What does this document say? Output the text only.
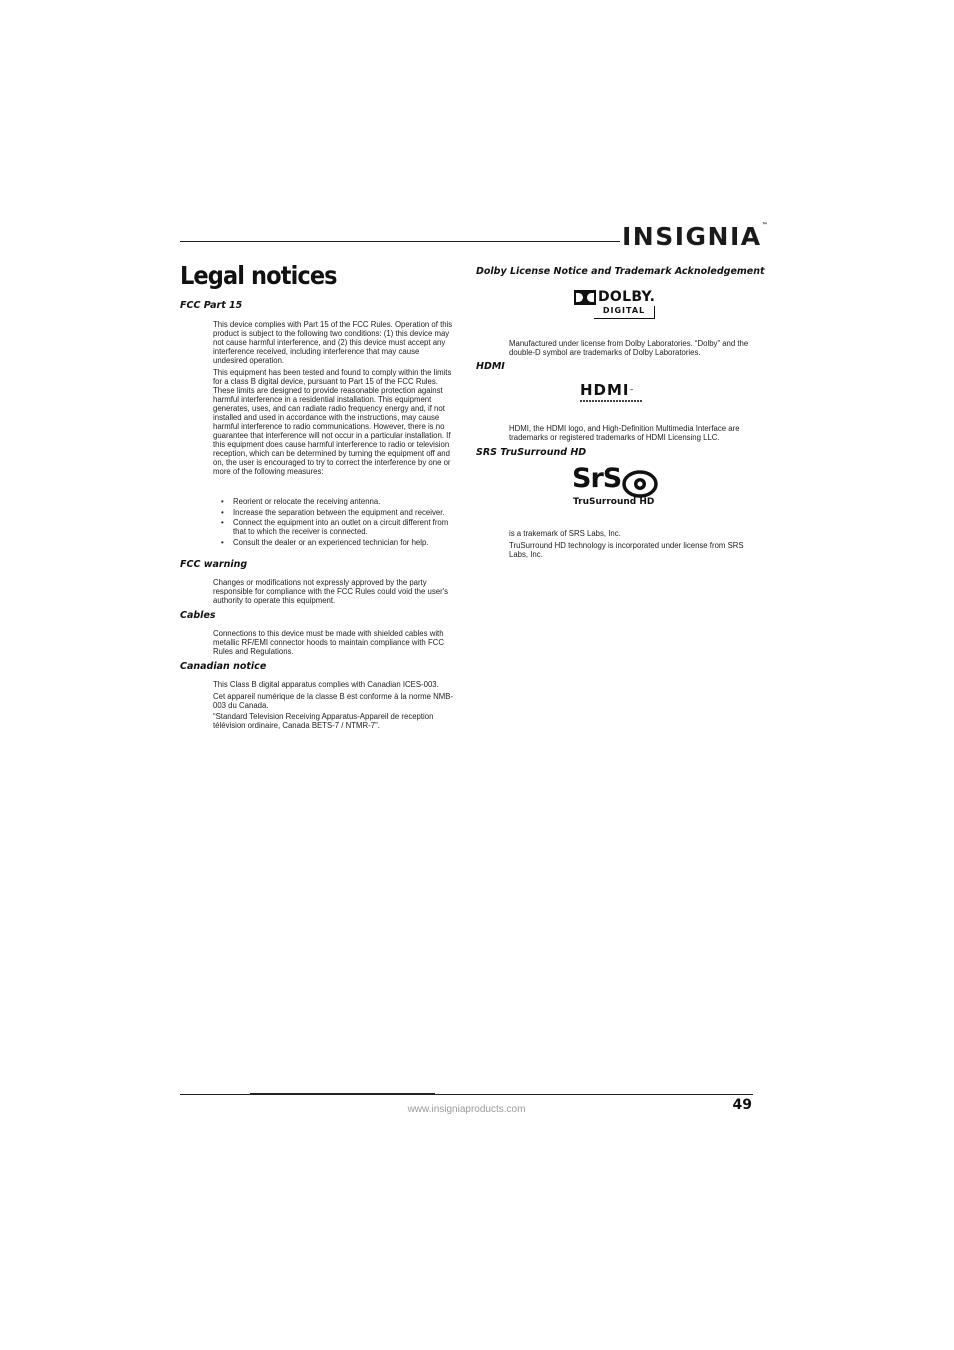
INSIGNIA™
Legal notices
FCC Part 15

This device complies with Part 15 of the FCC Rules. Operation of this product is subject to the following two conditions: (1) this device may not cause harmful interference, and (2) this device must accept any interference received, including interference that may cause undesired operation.

This equipment has been tested and found to comply within the limits for a class B digital device, pursuant to Part 15 of the FCC Rules. These limits are designed to provide reasonable protection against harmful interference in a residential installation. This equipment generates, uses, and can radiate radio frequency energy and, if not installed and used in accordance with the instructions, may cause harmful interference to radio communications. However, there is no guarantee that interference will not occur in a particular installation. If this equipment does cause harmful interference to radio or television reception, which can be determined by turning the equipment off and on, the user is encouraged to try to correct the interference by one or more of the following measures:

• Reorient or relocate the receiving antenna.
• Increase the separation between the equipment and receiver.
• Connect the equipment into an outlet on a circuit different from that to which the receiver is connected.
• Consult the dealer or an experienced technician for help.
FCC warning

Changes or modifications not expressly approved by the party responsible for compliance with the FCC Rules could void the user's authority to operate this equipment.

Cables

Connections to this device must be made with shielded cables with metallic RF/EMI connector hoods to maintain compliance with FCC Rules and Regulations.

Canadian notice

This Class B digital apparatus complies with Canadian ICES-003.

Cet appareil numérique de la classe B est conforme à la norme NMB-003 du Canada.

“Standard Television Receiving Apparatus-Appareil de reception télévision ordinaire, Canada BETS-7 / NTMR-7”.

Dolby License Notice and Trademark Acknoledgement
DOLBY.
DIGITAL

Manufactured under license from Dolby Laboratories. “Dolby” and the double-D symbol are trademarks of Dolby Laboratories.

HDMI
HDMI™

HDMI, the HDMI logo, and High-Definition Multimedia Interface are trademarks or registered trademarks of HDMI Licensing LLC.

SRS TruSurround HD
SrS
TruSurround HD

is a trakemark of SRS Labs, Inc.

TruSurround HD technology is incorporated under license from SRS Labs, Inc.

www.insigniaproducts.com	49
